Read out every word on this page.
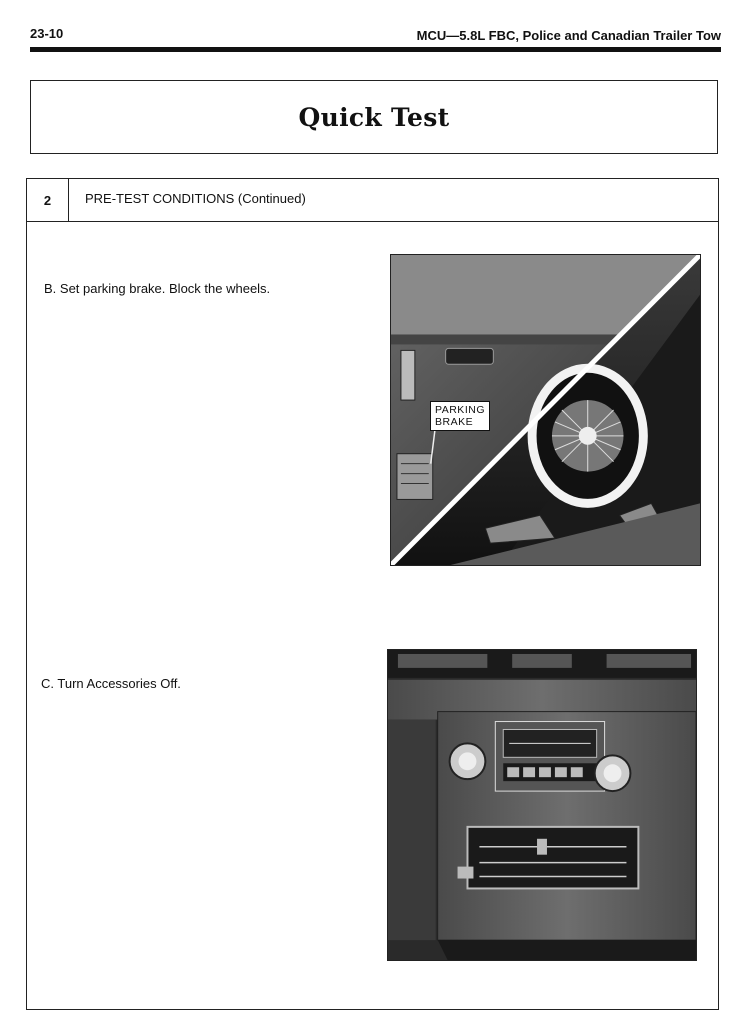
23-10	MCU—5.8L FBC, Police and Canadian Trailer Tow
Quick Test
2	PRE-TEST CONDITIONS (Continued)
B. Set parking brake. Block the wheels.
C. Turn Accessories Off.
PARKING
BRAKE
